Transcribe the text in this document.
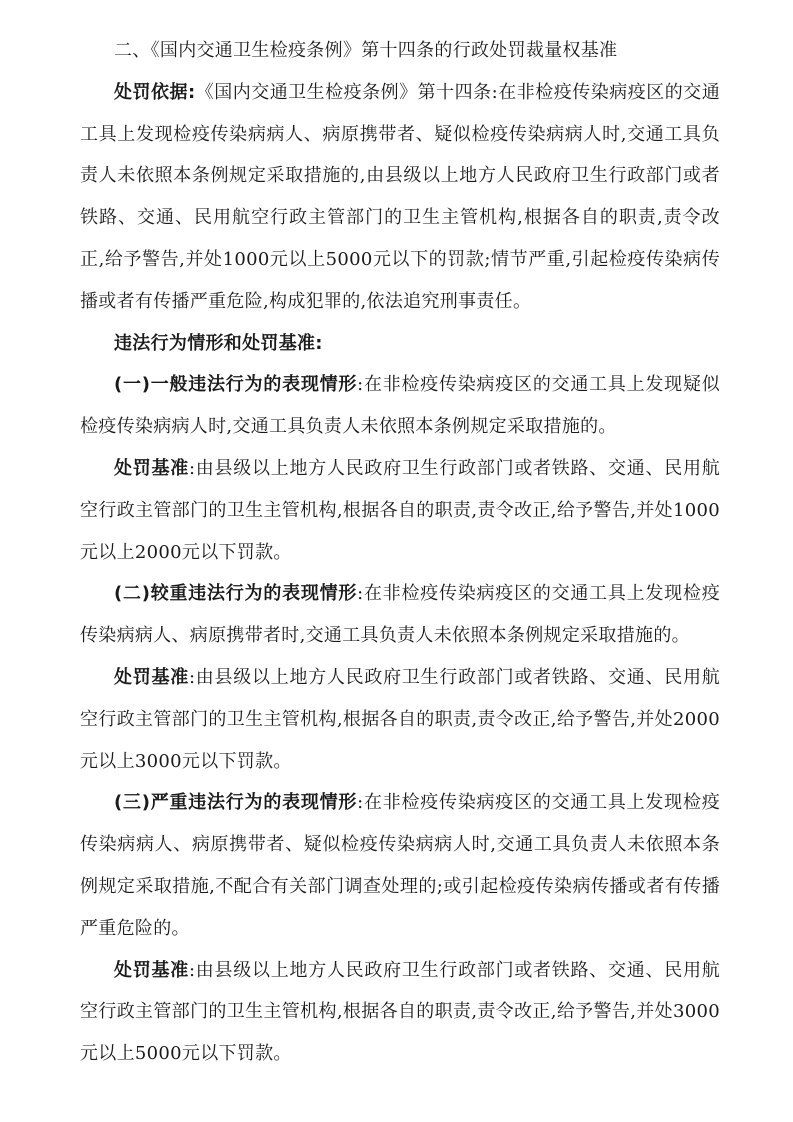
二、《国内交通卫生检疫条例》第十四条的行政处罚裁量权基准

处罚依据:《国内交通卫生检疫条例》第十四条:在非检疫传染病疫区的交通工具上发现检疫传染病病人、病原携带者、疑似检疫传染病病人时,交通工具负责人未依照本条例规定采取措施的,由县级以上地方人民政府卫生行政部门或者铁路、交通、民用航空行政主管部门的卫生主管机构,根据各自的职责,责令改正,给予警告,并处1000元以上5000元以下的罚款;情节严重,引起检疫传染病传播或者有传播严重危险,构成犯罪的,依法追究刑事责任。

违法行为情形和处罚基准:

(一)一般违法行为的表现情形:在非检疫传染病疫区的交通工具上发现疑似检疫传染病病人时,交通工具负责人未依照本条例规定采取措施的。

处罚基准:由县级以上地方人民政府卫生行政部门或者铁路、交通、民用航空行政主管部门的卫生主管机构,根据各自的职责,责令改正,给予警告,并处1000元以上2000元以下罚款。

(二)较重违法行为的表现情形:在非检疫传染病疫区的交通工具上发现检疫传染病病人、病原携带者时,交通工具负责人未依照本条例规定采取措施的。

处罚基准:由县级以上地方人民政府卫生行政部门或者铁路、交通、民用航空行政主管部门的卫生主管机构,根据各自的职责,责令改正,给予警告,并处2000元以上3000元以下罚款。

(三)严重违法行为的表现情形:在非检疫传染病疫区的交通工具上发现检疫传染病病人、病原携带者、疑似检疫传染病病人时,交通工具负责人未依照本条例规定采取措施,不配合有关部门调查处理的;或引起检疫传染病传播或者有传播严重危险的。

处罚基准:由县级以上地方人民政府卫生行政部门或者铁路、交通、民用航空行政主管部门的卫生主管机构,根据各自的职责,责令改正,给予警告,并处3000元以上5000元以下罚款。
